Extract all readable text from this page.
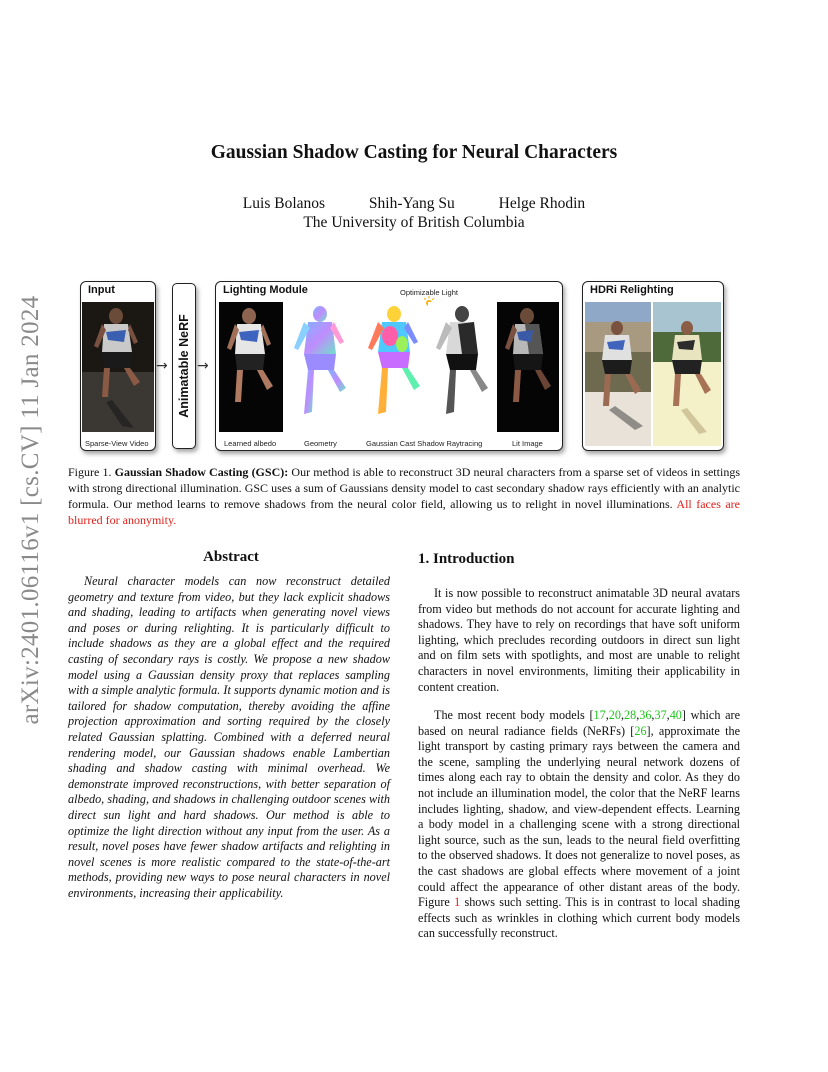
arXiv:2401.06116v1 [cs.CV] 11 Jan 2024
Gaussian Shadow Casting for Neural Characters
Luis Bolanos	Shih-Yang Su	Helge Rhodin
The University of British Columbia
Input
Sparse-View Video
→ Animatable NeRF →
Lighting Module	Optimizable Light
Learned albedo	Geometry	Gaussian Cast Shadow Raytracing	Lit Image
HDRi Relighting
Figure 1. Gaussian Shadow Casting (GSC): Our method is able to reconstruct 3D neural characters from a sparse set of videos in settings with strong directional illumination. GSC uses a sum of Gaussians density model to cast secondary shadow rays efficiently with an analytic formula. Our method learns to remove shadows from the neural color field, allowing us to relight in novel illuminations. All faces are blurred for anonymity.
Abstract
Neural character models can now reconstruct detailed geometry and texture from video, but they lack explicit shadows and shading, leading to artifacts when generating novel views and poses or during relighting. It is particularly difficult to include shadows as they are a global effect and the required casting of secondary rays is costly. We propose a new shadow model using a Gaussian density proxy that replaces sampling with a simple analytic formula. It supports dynamic motion and is tailored for shadow computation, thereby avoiding the affine projection approximation and sorting required by the closely related Gaussian splatting. Combined with a deferred neural rendering model, our Gaussian shadows enable Lambertian shading and shadow casting with minimal overhead. We demonstrate improved reconstructions, with better separation of albedo, shading, and shadows in challenging outdoor scenes with direct sun light and hard shadows. Our method is able to optimize the light direction without any input from the user. As a result, novel poses have fewer shadow artifacts and relighting in novel scenes is more realistic compared to the state-of-the-art methods, providing new ways to pose neural characters in novel environments, increasing their applicability.
1. Introduction
It is now possible to reconstruct animatable 3D neural avatars from video but methods do not account for accurate lighting and shadows. They have to rely on recordings that have soft uniform lighting, which precludes recording outdoors in direct sun light and on film sets with spotlights, and most are unable to relight characters in novel environments, limiting their applicability in content creation.
The most recent body models [17,20,28,36,37,40] which are based on neural radiance fields (NeRFs) [26], approximate the light transport by casting primary rays between the camera and the scene, sampling the underlying neural network dozens of times along each ray to obtain the density and color. As they do not include an illumination model, the color that the NeRF learns includes lighting, shadow, and view-dependent effects. Learning a body model in a challenging scene with a strong directional light source, such as the sun, leads to the neural field overfitting to the observed shadows. It does not generalize to novel poses, as the cast shadows are global effects where movement of a joint could affect the appearance of other distant areas of the body. Figure 1 shows such setting. This is in contrast to local shading effects such as wrinkles in clothing which current body models can successfully reconstruct.
